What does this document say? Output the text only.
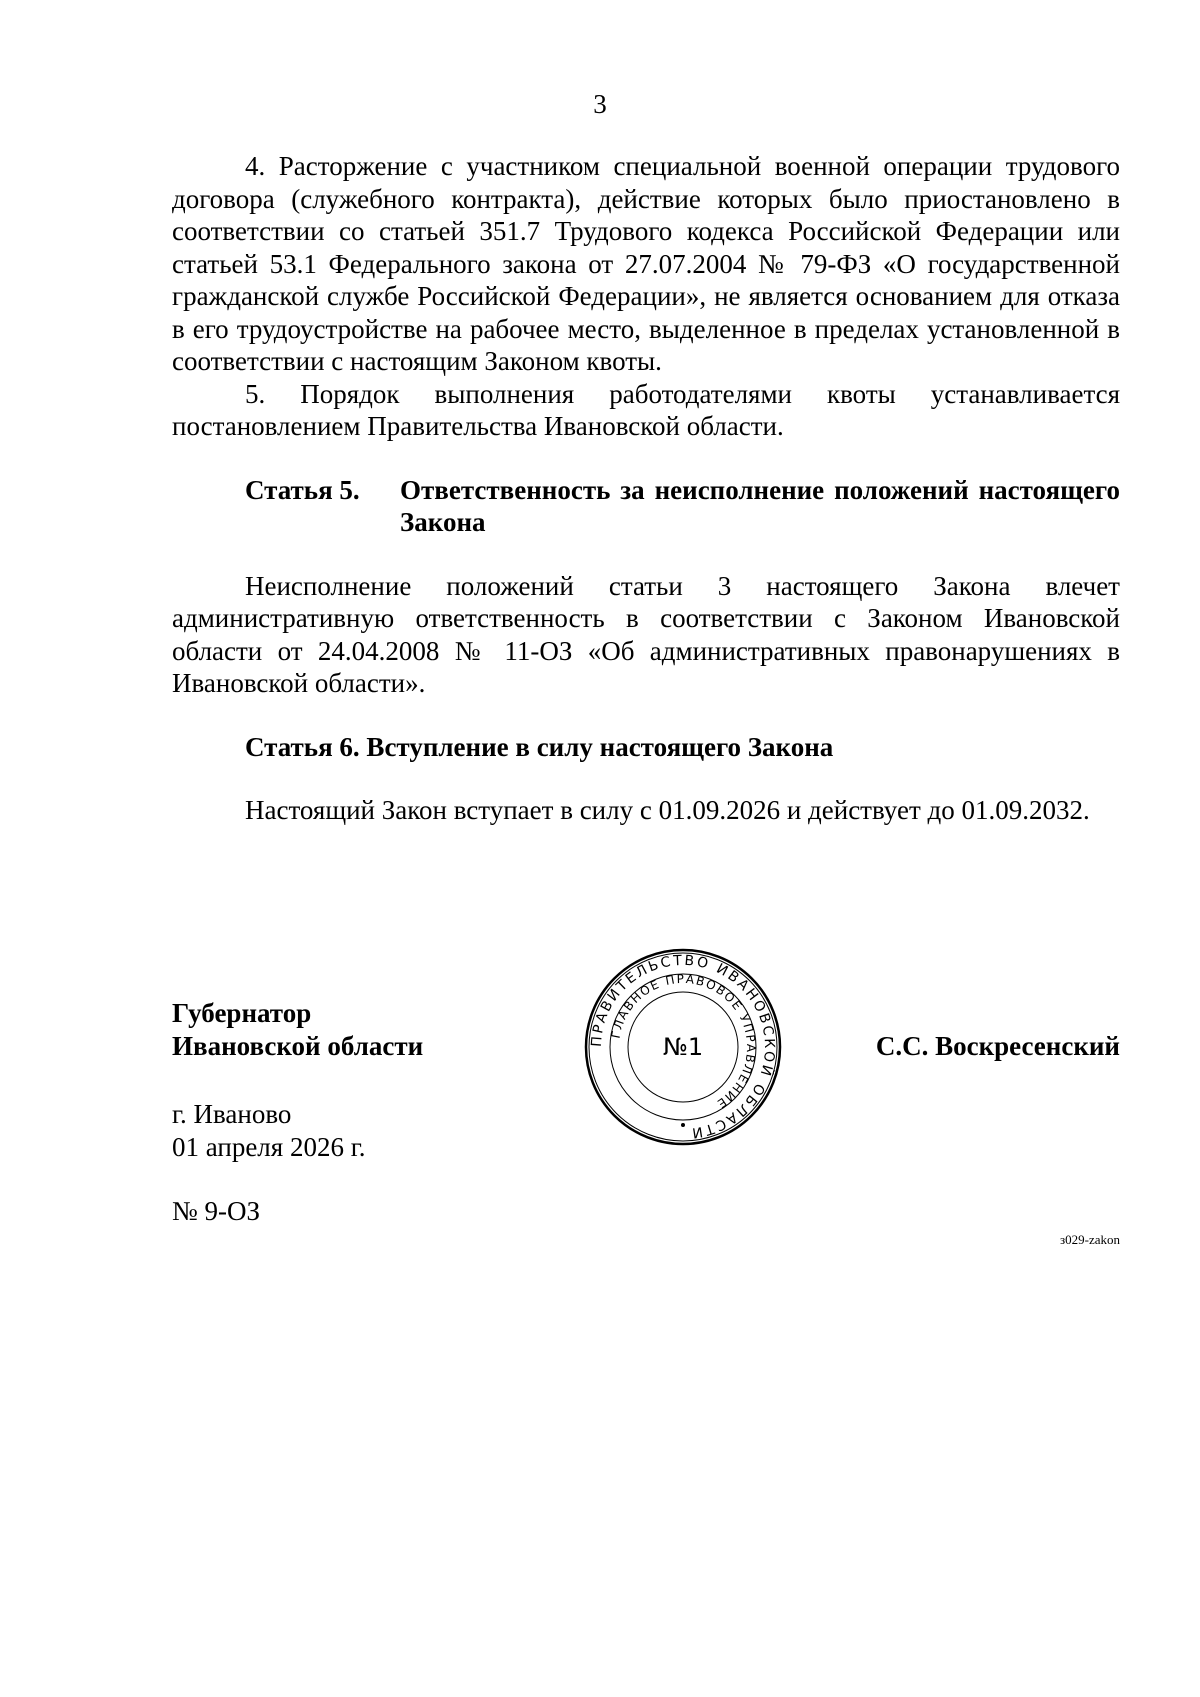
3

4. Расторжение с участником специальной военной операции трудового договора (служебного контракта), действие которых было приостановлено в соответствии со статьей 351.7 Трудового кодекса Российской Федерации или статьей 53.1 Федерального закона от 27.07.2004 № 79-ФЗ «О государственной гражданской службе Российской Федерации», не является основанием для отказа в его трудоустройстве на рабочее место, выделенное в пределах установленной в соответствии с настоящим Законом квоты.

5. Порядок выполнения работодателями квоты устанавливается постановлением Правительства Ивановской области.

Статья 5.	Ответственность за неисполнение положений настоящего Закона

Неисполнение положений статьи 3 настоящего Закона влечет административную ответственность в соответствии с Законом Ивановской области от 24.04.2008 № 11-ОЗ «Об административных правонарушениях в Ивановской области».

Статья 6. Вступление в силу настоящего Закона

Настоящий Закон вступает в силу с 01.09.2026 и действует до 01.09.2032.

Губернатор
Ивановской области	ПРАВИТЕЛЬСТВО ИВАНОВСКОЙ ОБЛАСТИ
ГЛАВНОЕ ПРАВОВОЕ УПРАВЛЕНИЕ
№1	С.С. Воскресенский
г. Иваново
01 апреля 2026 г.
№ 9-ОЗ
з029-zakon
